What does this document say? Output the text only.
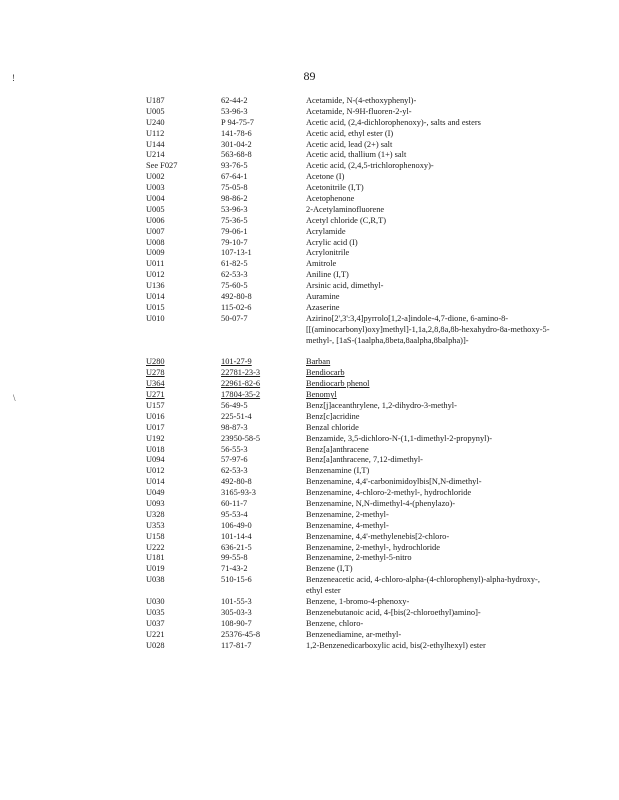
89
!
\
U187	62-44-2	Acetamide, N-(4-ethoxyphenyl)-
U005	53-96-3	Acetamide, N-9H-fluoren-2-yl-
U240	P 94-75-7	Acetic acid, (2,4-dichlorophenoxy)-, salts and esters
U112	141-78-6	Acetic acid, ethyl ester (I)
U144	301-04-2	Acetic acid, lead (2+) salt
U214	563-68-8	Acetic acid, thallium (1+) salt
See F027	93-76-5	Acetic acid, (2,4,5-trichlorophenoxy)-
U002	67-64-1	Acetone (I)
U003	75-05-8	Acetonitrile (I,T)
U004	98-86-2	Acetophenone
U005	53-96-3	2-Acetylaminofluorene
U006	75-36-5	Acetyl chloride (C,R,T)
U007	79-06-1	Acrylamide
U008	79-10-7	Acrylic acid (I)
U009	107-13-1	Acrylonitrile
U011	61-82-5	Amitrole
U012	62-53-3	Aniline (I,T)
U136	75-60-5	Arsinic acid, dimethyl-
U014	492-80-8	Auramine
U015	115-02-6	Azaserine
U010	50-07-7	Azirino[2',3':3,4]pyrrolo[1,2-a]indole-4,7-dione, 6-amino-8-[[(aminocarbonyl)oxy]methyl]-1,1a,2,8,8a,8b-hexahydro-8a-methoxy-5-methyl-, [1aS-(1aalpha,8beta,8aalpha,8balpha)]-
U280	101-27-9	Barban
U278	22781-23-3	Bendiocarb
U364	22961-82-6	Bendiocarb phenol
U271	17804-35-2	Benomyl
U157	56-49-5	Benz[j]aceanthrylene, 1,2-dihydro-3-methyl-
U016	225-51-4	Benz[c]acridine
U017	98-87-3	Benzal chloride
U192	23950-58-5	Benzamide, 3,5-dichloro-N-(1,1-dimethyl-2-propynyl)-
U018	56-55-3	Benz[a]anthracene
U094	57-97-6	Benz[a]anthracene, 7,12-dimethyl-
U012	62-53-3	Benzenamine (I,T)
U014	492-80-8	Benzenamine, 4,4'-carbonimidoylbis[N,N-dimethyl-
U049	3165-93-3	Benzenamine, 4-chloro-2-methyl-, hydrochloride
U093	60-11-7	Benzenamine, N,N-dimethyl-4-(phenylazo)-
U328	95-53-4	Benzenamine, 2-methyl-
U353	106-49-0	Benzenamine, 4-methyl-
U158	101-14-4	Benzenamine, 4,4'-methylenebis[2-chloro-
U222	636-21-5	Benzenamine, 2-methyl-, hydrochloride
U181	99-55-8	Benzenamine, 2-methyl-5-nitro
U019	71-43-2	Benzene (I,T)
U038	510-15-6	Benzeneacetic acid, 4-chloro-alpha-(4-chlorophenyl)-alpha-hydroxy-, ethyl ester
U030	101-55-3	Benzene, 1-bromo-4-phenoxy-
U035	305-03-3	Benzenebutanoic acid, 4-[bis(2-chloroethyl)amino]-
U037	108-90-7	Benzene, chloro-
U221	25376-45-8	Benzenediamine, ar-methyl-
U028	117-81-7	1,2-Benzenedicarboxylic acid, bis(2-ethylhexyl) ester
